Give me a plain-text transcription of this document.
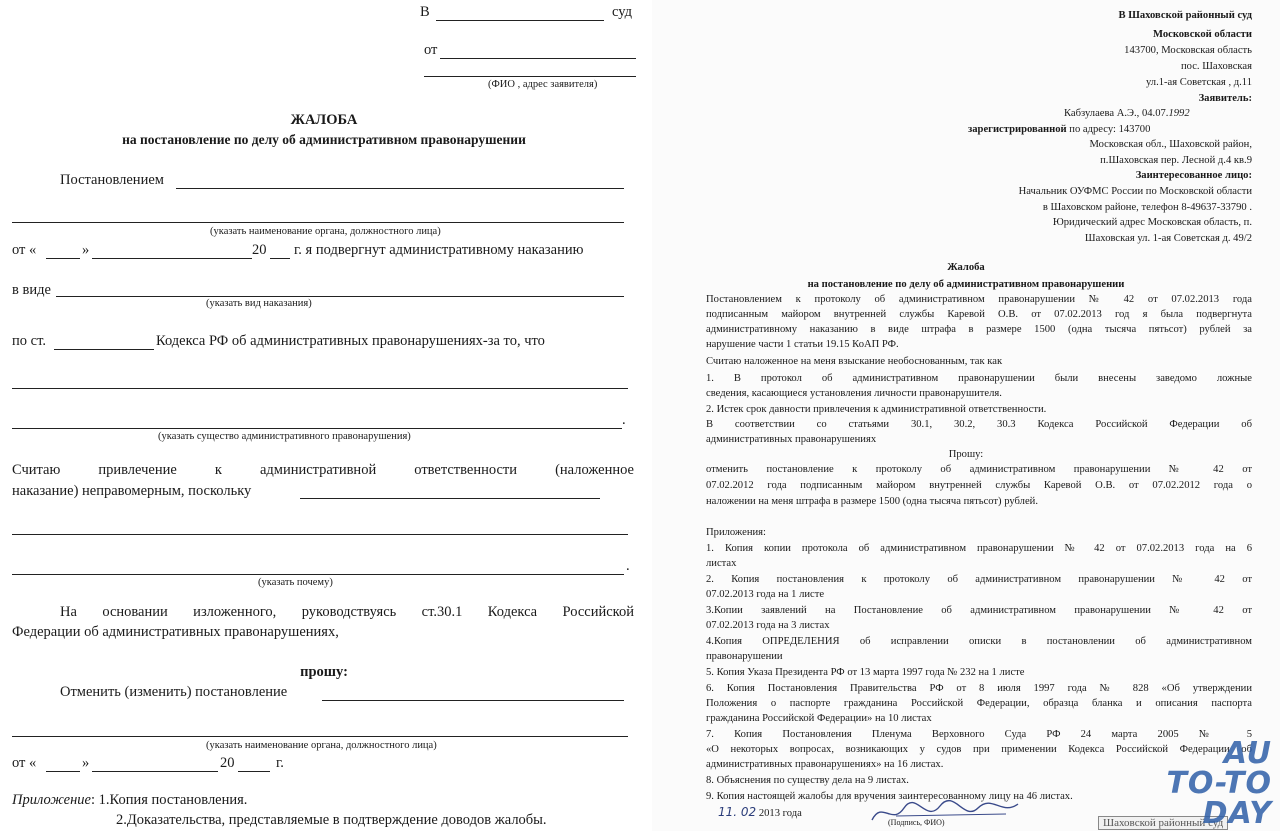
В	суд
от
(ФИО , адрес заявителя)
ЖАЛОБА
на постановление по делу об административном правонарушении
Постановлением
(указать наименование органа, должностного лица)
от «	»	20 г. я подвергнут административному наказанию
в виде
(указать вид наказания)
по ст.	Кодекса РФ об административных правонарушениях-за то, что
.
(указать существо административного правонарушения)
Считаю привлечение к административной ответственности (наложенное
наказание) неправомерным, поскольку
.
(указать почему)
На основании изложенного, руководствуясь ст.30.1 Кодекса Российской
Федерации об административных правонарушениях,
прошу:
Отменить (изменить) постановление
(указать наименование органа, должностного лица)
от «	»	20	г.
Приложение: 1.Копия постановления.
2.Доказательства, представляемые в подтверждение доводов жалобы.
В Шаховской районный суд
Московской области
143700, Московская область
пос. Шаховская
ул.1-ая Советская , д.11
Заявитель:
Кабзулаева А.Э., 04.07.1992
зарегистрированной по адресу: 143700
Московская обл., Шаховской район,
п.Шаховская пер. Лесной д.4 кв.9
Заинтересованное лицо:
Начальник ОУФМС России по Московской области
в Шаховском районе, телефон 8-49637-33790 .
Юридический адрес Московская область, п.
Шаховская ул. 1-ая Советская д. 49/2
Жалоба
на постановление по делу об административном правонарушении
Постановлением к протоколу об административном правонарушении № 42 от 07.02.2013 года
подписанным майором внутренней службы Каревой О.В. от 07.02.2013 год я была подвергнута
административному наказанию в виде штрафа в размере 1500 (одна тысяча пятьсот) рублей за
нарушение части 1 статьи 19.15 КоАП РФ.
Считаю наложенное на меня взыскание необоснованным, так как
1. В протокол об административном правонарушении были внесены заведомо ложные
сведения, касающиеся установления личности правонарушителя.
2. Истек срок давности привлечения к административной ответственности.
В соответствии со статьями 30.1, 30.2, 30.3 Кодекса Российской Федерации об
административных правонарушениях
Прошу:
отменить постановление к протоколу об административном правонарушении № 42 от
07.02.2012 года подписанным майором внутренней службы Каревой О.В. от 07.02.2012 года о
наложении на меня штрафа в размере 1500 (одна тысяча пятьсот) рублей.
Приложения:
1. Копия копии протокола об административном правонарушении № 42 от 07.02.2013 года на 6
листах
2. Копия постановления к протоколу об административном правонарушении № 42 от
07.02.2013 года на 1 листе
3.Копии заявлений на Постановление об административном правонарушении № 42 от
07.02.2013 года на 3 листах
4.Копия ОПРЕДЕЛЕНИЯ об исправлении описки в постановлении об административном
правонарушении
5. Копия Указа Президента РФ от 13 марта 1997 года № 232 на 1 листе
6. Копия Постановления Правительства РФ от 8 июля 1997 года № 828 «Об утверждении
Положения о паспорте гражданина Российской Федерации, образца бланка и описания паспорта
гражданина Российской Федерации» на 10 листах
7. Копия Постановления Пленума Верховного Суда РФ 24 марта 2005 № 5
«О некоторых вопросах, возникающих у судов при применении Кодекса Российской Федерации об
административных правонарушениях» на 16 листах.
8. Объяснения по существу дела на 9 листах.
9. Копия настоящей жалобы для вручения заинтересованному лицу на 46 листах.
11. 02 2013 года
(Подпись, ФИО)	Шаховской районный суд
AU
TO-TO
DAY
